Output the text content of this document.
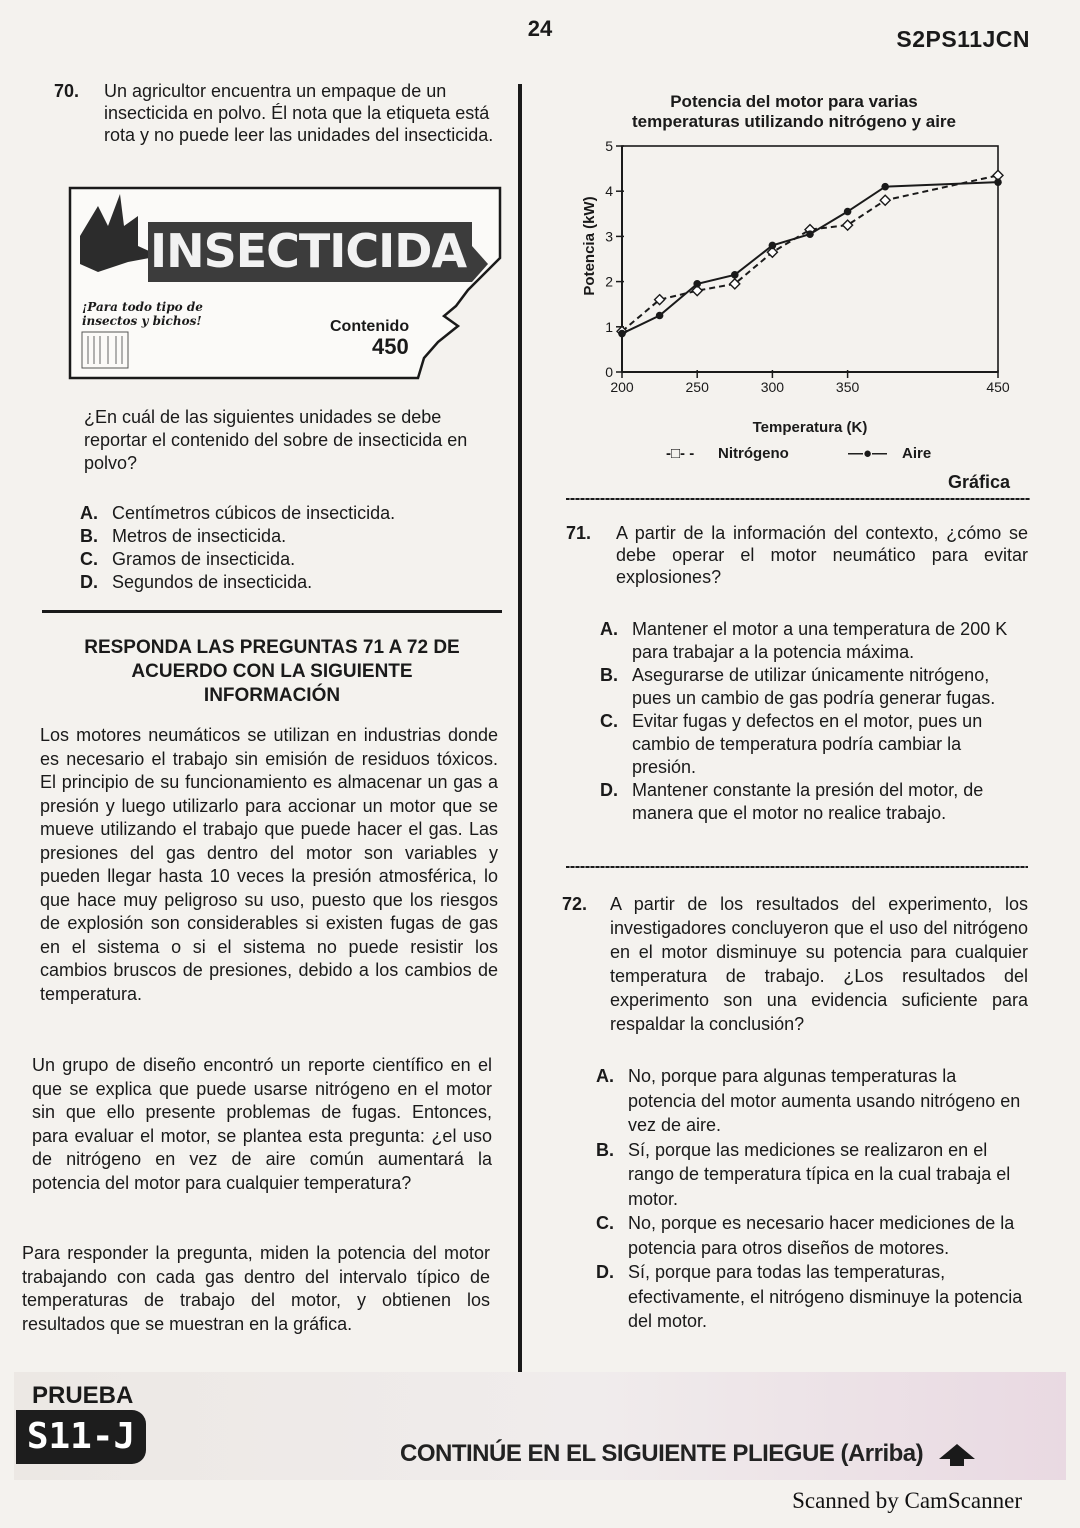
24	S2PS11JCN
70. Un agricultor encuentra un empaque de un insecticida en polvo. Él nota que la etiqueta está rota y no puede leer las unidades del insecticida.
INSECTICIDA
¡Para todo tipo de
insectos y bichos!	Contenido
450
¿En cuál de las siguientes unidades se debe reportar el contenido del sobre de insecticida en polvo?
A. Centímetros cúbicos de insecticida.
B. Metros de insecticida.
C. Gramos de insecticida.
D. Segundos de insecticida.
RESPONDA LAS PREGUNTAS 71 A 72 DE
ACUERDO CON LA SIGUIENTE
INFORMACIÓN
Los motores neumáticos se utilizan en industrias donde es necesario el trabajo sin emisión de residuos tóxicos. El principio de su funcionamiento es almacenar un gas a presión y luego utilizarlo para accionar un motor que se mueve utilizando el trabajo que puede hacer el gas. Las presiones del gas dentro del motor son variables y pueden llegar hasta 10 veces la presión atmosférica, lo que hace muy peligroso su uso, puesto que los riesgos de explosión son considerables si existen fugas de gas en el sistema o si el sistema no puede resistir los cambios bruscos de presiones, debido a los cambios de temperatura.
Un grupo de diseño encontró un reporte científico en el que se explica que puede usarse nitrógeno en el motor sin que ello presente problemas de fugas. Entonces, para evaluar el motor, se plantea esta pregunta: ¿el uso de nitrógeno en vez de aire común aumentará la potencia del motor para cualquier temperatura?
Para responder la pregunta, miden la potencia del motor trabajando con cada gas dentro del intervalo típico de temperaturas de trabajo del motor, y obtienen los resultados que se muestran en la gráfica.
Potencia del motor para varias
temperaturas utilizando nitrógeno y aire
0
1
2
3
4
5
200	250	300	350	450
Potencia (kW)
Temperatura (K)
-□- - Nitrógeno	—●— Aire
Gráfica
71. A partir de la información del contexto, ¿cómo se debe operar el motor neumático para evitar explosiones?
A. Mantener el motor a una temperatura de 200 K para trabajar a la potencia máxima.
B. Asegurarse de utilizar únicamente nitrógeno, pues un cambio de gas podría generar fugas.
C. Evitar fugas y defectos en el motor, pues un cambio de temperatura podría cambiar la presión.
D. Mantener constante la presión del motor, de manera que el motor no realice trabajo.
72. A partir de los resultados del experimento, los investigadores concluyeron que el uso del nitrógeno en el motor disminuye su potencia para cualquier temperatura de trabajo. ¿Los resultados del experimento son una evidencia suficiente para respaldar la conclusión?
A. No, porque para algunas temperaturas la potencia del motor aumenta usando nitrógeno en vez de aire.
B. Sí, porque las mediciones se realizaron en el rango de temperatura típica en la cual trabaja el motor.
C. No, porque es necesario hacer mediciones de la potencia para otros diseños de motores.
D. Sí, porque para todas las temperaturas, efectivamente, el nitrógeno disminuye la potencia del motor.
PRUEBA
S11-J	CONTINÚE EN EL SIGUIENTE PLIEGUE (Arriba)
Scanned by CamScanner
